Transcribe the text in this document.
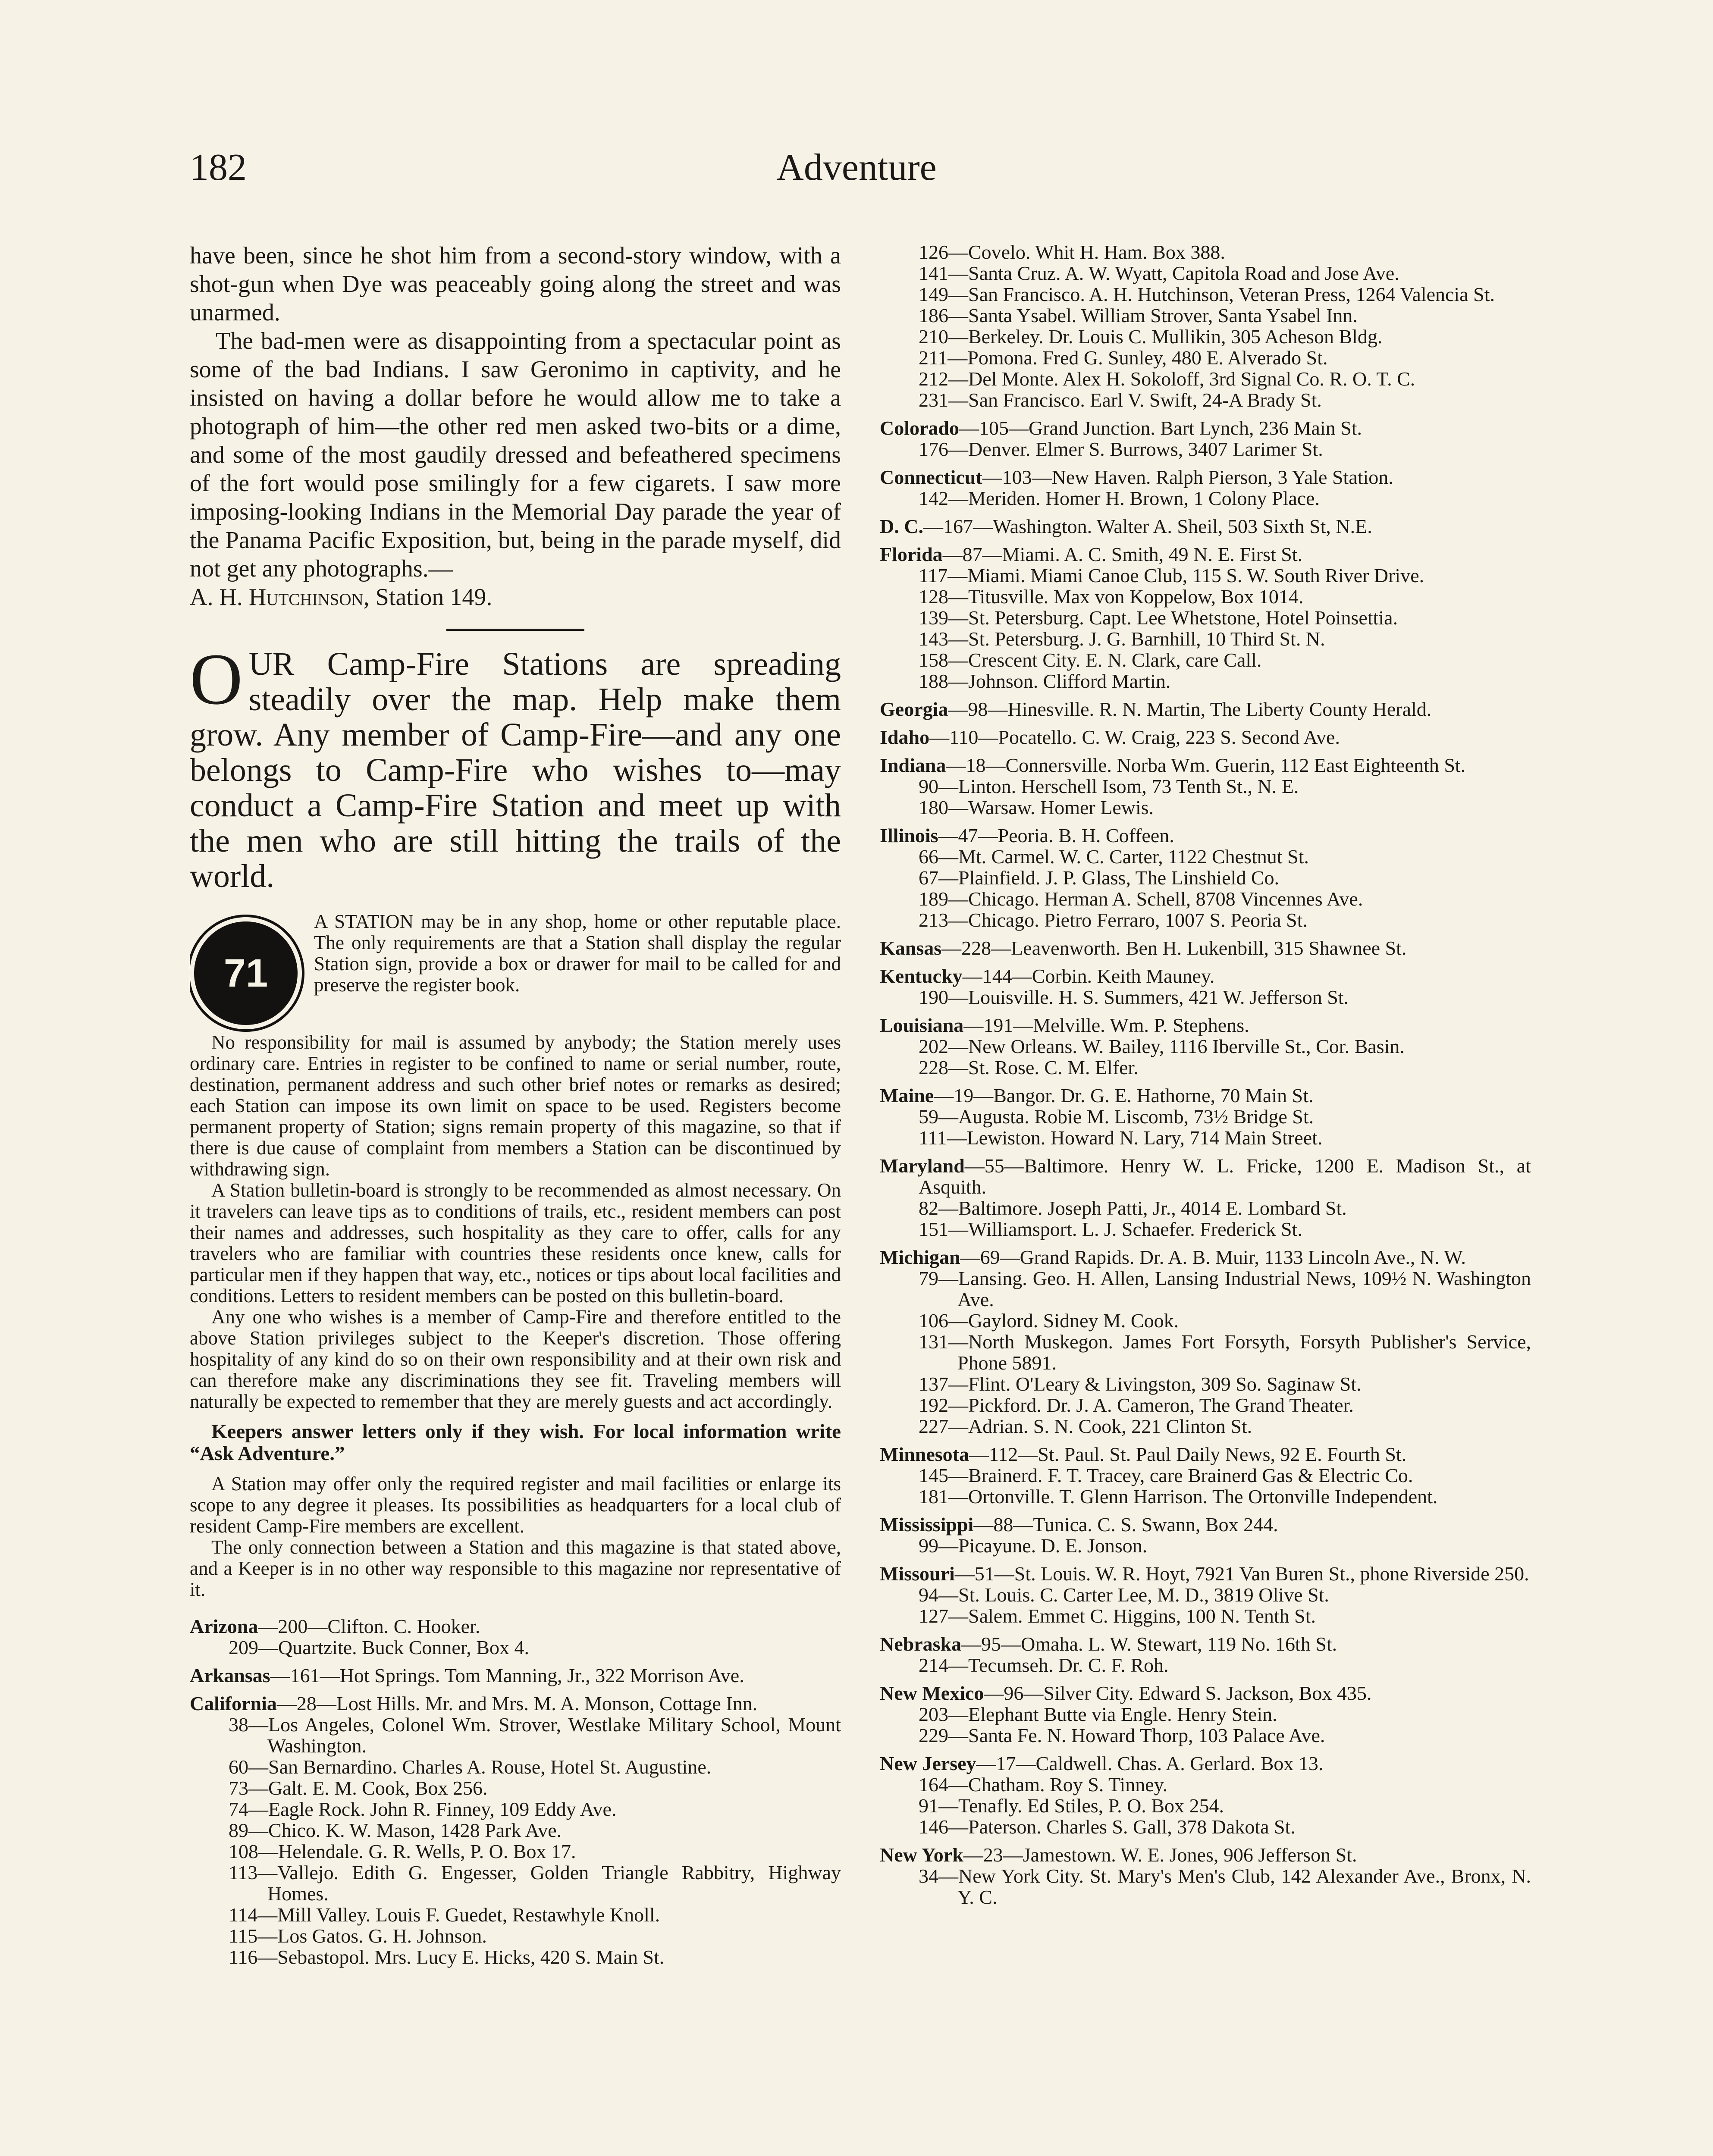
182	Adventure

have been, since he shot him from a second-story window, with a shot-gun when Dye was peaceably going along the street and was unarmed.

The bad-men were as disappointing from a spectacular point as some of the bad Indians. I saw Geronimo in captivity, and he insisted on having a dollar before he would allow me to take a photograph of him—the other red men asked two-bits or a dime, and some of the most gaudily dressed and befeathered specimens of the fort would pose smilingly for a few cigarets. I saw more imposing-looking Indians in the Memorial Day parade the year of the Panama Pacific Exposition, but, being in the parade myself, did not get any photographs.—

A. H. Hutchinson, Station 149.
OUR Camp-Fire Stations are spreading steadily over the map. Help make them grow. Any member of Camp-Fire—and any one belongs to Camp-Fire who wishes to—may conduct a Camp-Fire Station and meet up with the men who are still hitting the trails of the world.
71

A STATION may be in any shop, home or other reputable place. The only requirements are that a Station shall display the regular Station sign, provide a box or drawer for mail to be called for and preserve the register book.

No responsibility for mail is assumed by anybody; the Station merely uses ordinary care. Entries in register to be confined to name or serial number, route, destination, permanent address and such other brief notes or remarks as desired; each Station can impose its own limit on space to be used. Registers become permanent property of Station; signs remain property of this magazine, so that if there is due cause of complaint from members a Station can be discontinued by withdrawing sign.

A Station bulletin-board is strongly to be recommended as almost necessary. On it travelers can leave tips as to conditions of trails, etc., resident members can post their names and addresses, such hospitality as they care to offer, calls for any travelers who are familiar with countries these residents once knew, calls for particular men if they happen that way, etc., notices or tips about local facilities and conditions. Letters to resident members can be posted on this bulletin-board.

Any one who wishes is a member of Camp-Fire and therefore entitled to the above Station privileges subject to the Keeper's discretion. Those offering hospitality of any kind do so on their own responsibility and at their own risk and can therefore make any discriminations they see fit. Traveling members will naturally be expected to remember that they are merely guests and act accordingly.

Keepers answer letters only if they wish. For local information write “Ask Adventure.”

A Station may offer only the required register and mail facilities or enlarge its scope to any degree it pleases. Its possibilities as headquarters for a local club of resident Camp-Fire members are excellent.

The only connection between a Station and this magazine is that stated above, and a Keeper is in no other way responsible to this magazine nor representative of it.

Arizona—200—Clifton. C. Hooker.

209—Quartzite. Buck Conner, Box 4.

Arkansas—161—Hot Springs. Tom Manning, Jr., 322 Morrison Ave.

California—28—Lost Hills. Mr. and Mrs. M. A. Monson, Cottage Inn.

38—Los Angeles, Colonel Wm. Strover, Westlake Military School, Mount Washington.

60—San Bernardino. Charles A. Rouse, Hotel St. Augustine.

73—Galt. E. M. Cook, Box 256.

74—Eagle Rock. John R. Finney, 109 Eddy Ave.

89—Chico. K. W. Mason, 1428 Park Ave.

108—Helendale. G. R. Wells, P. O. Box 17.

113—Vallejo. Edith G. Engesser, Golden Triangle Rabbitry, Highway Homes.

114—Mill Valley. Louis F. Guedet, Restawhyle Knoll.

115—Los Gatos. G. H. Johnson.

116—Sebastopol. Mrs. Lucy E. Hicks, 420 S. Main St.

126—Covelo. Whit H. Ham. Box 388.

141—Santa Cruz. A. W. Wyatt, Capitola Road and Jose Ave.

149—San Francisco. A. H. Hutchinson, Veteran Press, 1264 Valencia St.

186—Santa Ysabel. William Strover, Santa Ysabel Inn.

210—Berkeley. Dr. Louis C. Mullikin, 305 Acheson Bldg.

211—Pomona. Fred G. Sunley, 480 E. Alverado St.

212—Del Monte. Alex H. Sokoloff, 3rd Signal Co. R. O. T. C.

231—San Francisco. Earl V. Swift, 24-A Brady St.

Colorado—105—Grand Junction. Bart Lynch, 236 Main St.

176—Denver. Elmer S. Burrows, 3407 Larimer St.

Connecticut—103—New Haven. Ralph Pierson, 3 Yale Station.

142—Meriden. Homer H. Brown, 1 Colony Place.

D. C.—167—Washington. Walter A. Sheil, 503 Sixth St, N.E.

Florida—87—Miami. A. C. Smith, 49 N. E. First St.

117—Miami. Miami Canoe Club, 115 S. W. South River Drive.

128—Titusville. Max von Koppelow, Box 1014.

139—St. Petersburg. Capt. Lee Whetstone, Hotel Poinsettia.

143—St. Petersburg. J. G. Barnhill, 10 Third St. N.

158—Crescent City. E. N. Clark, care Call.

188—Johnson. Clifford Martin.

Georgia—98—Hinesville. R. N. Martin, The Liberty County Herald.

Idaho—110—Pocatello. C. W. Craig, 223 S. Second Ave.

Indiana—18—Connersville. Norba Wm. Guerin, 112 East Eighteenth St.

90—Linton. Herschell Isom, 73 Tenth St., N. E.

180—Warsaw. Homer Lewis.

Illinois—47—Peoria. B. H. Coffeen.

66—Mt. Carmel. W. C. Carter, 1122 Chestnut St.

67—Plainfield. J. P. Glass, The Linshield Co.

189—Chicago. Herman A. Schell, 8708 Vincennes Ave.

213—Chicago. Pietro Ferraro, 1007 S. Peoria St.

Kansas—228—Leavenworth. Ben H. Lukenbill, 315 Shawnee St.

Kentucky—144—Corbin. Keith Mauney.

190—Louisville. H. S. Summers, 421 W. Jefferson St.

Louisiana—191—Melville. Wm. P. Stephens.

202—New Orleans. W. Bailey, 1116 Iberville St., Cor. Basin.

228—St. Rose. C. M. Elfer.

Maine—19—Bangor. Dr. G. E. Hathorne, 70 Main St.

59—Augusta. Robie M. Liscomb, 73½ Bridge St.

111—Lewiston. Howard N. Lary, 714 Main Street.

Maryland—55—Baltimore. Henry W. L. Fricke, 1200 E. Madison St., at Asquith.

82—Baltimore. Joseph Patti, Jr., 4014 E. Lombard St.

151—Williamsport. L. J. Schaefer. Frederick St.

Michigan—69—Grand Rapids. Dr. A. B. Muir, 1133 Lincoln Ave., N. W.

79—Lansing. Geo. H. Allen, Lansing Industrial News, 109½ N. Washington Ave.

106—Gaylord. Sidney M. Cook.

131—North Muskegon. James Fort Forsyth, Forsyth Publisher's Service, Phone 5891.

137—Flint. O'Leary & Livingston, 309 So. Saginaw St.

192—Pickford. Dr. J. A. Cameron, The Grand Theater.

227—Adrian. S. N. Cook, 221 Clinton St.

Minnesota—112—St. Paul. St. Paul Daily News, 92 E. Fourth St.

145—Brainerd. F. T. Tracey, care Brainerd Gas & Electric Co.

181—Ortonville. T. Glenn Harrison. The Ortonville Independent.

Mississippi—88—Tunica. C. S. Swann, Box 244.

99—Picayune. D. E. Jonson.

Missouri—51—St. Louis. W. R. Hoyt, 7921 Van Buren St., phone Riverside 250.

94—St. Louis. C. Carter Lee, M. D., 3819 Olive St.

127—Salem. Emmet C. Higgins, 100 N. Tenth St.

Nebraska—95—Omaha. L. W. Stewart, 119 No. 16th St.

214—Tecumseh. Dr. C. F. Roh.

New Mexico—96—Silver City. Edward S. Jackson, Box 435.

203—Elephant Butte via Engle. Henry Stein.

229—Santa Fe. N. Howard Thorp, 103 Palace Ave.

New Jersey—17—Caldwell. Chas. A. Gerlard. Box 13.

164—Chatham. Roy S. Tinney.

91—Tenafly. Ed Stiles, P. O. Box 254.

146—Paterson. Charles S. Gall, 378 Dakota St.

New York—23—Jamestown. W. E. Jones, 906 Jefferson St.

34—New York City. St. Mary's Men's Club, 142 Alexander Ave., Bronx, N. Y. C.
